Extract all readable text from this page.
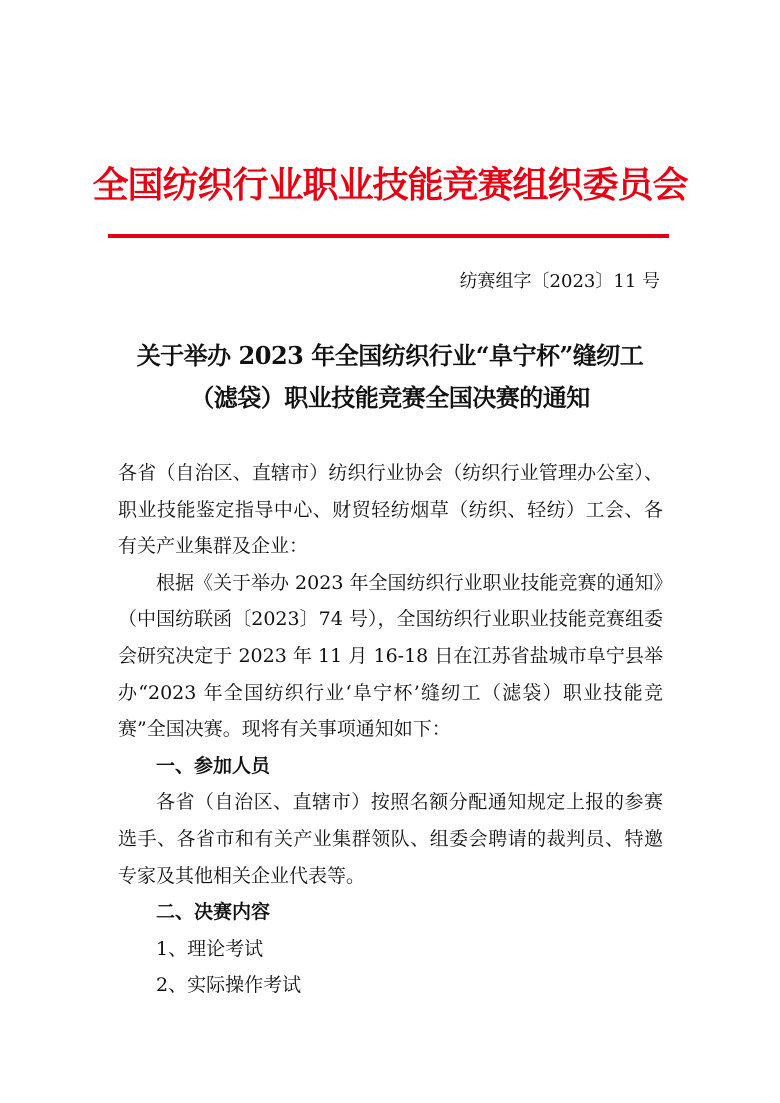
全国纺织行业职业技能竞赛组织委员会
纺赛组字〔2023〕11 号
关于举办 2023 年全国纺织行业“阜宁杯”缝纫工
（滤袋）职业技能竞赛全国决赛的通知

各省（自治区、直辖市）纺织行业协会（纺织行业管理办公室）、职业技能鉴定指导中心、财贸轻纺烟草（纺织、轻纺）工会、各有关产业集群及企业：

根据《关于举办 2023 年全国纺织行业职业技能竞赛的通知》（中国纺联函〔2023〕74 号），全国纺织行业职业技能竞赛组委会研究决定于 2023 年 11 月 16-18 日在江苏省盐城市阜宁县举办“2023 年全国纺织行业‘阜宁杯’缝纫工（滤袋）职业技能竞赛”全国决赛。现将有关事项通知如下：

一、参加人员

各省（自治区、直辖市）按照名额分配通知规定上报的参赛选手、各省市和有关产业集群领队、组委会聘请的裁判员、特邀专家及其他相关企业代表等。

二、决赛内容

1、理论考试

2、实际操作考试
